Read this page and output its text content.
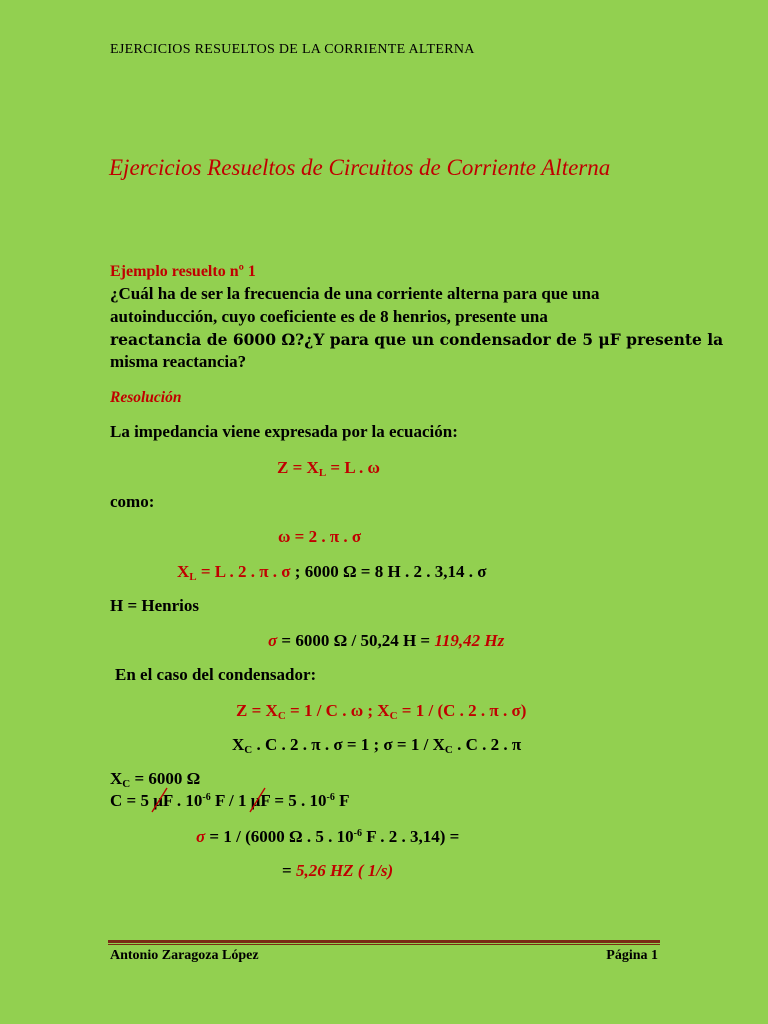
EJERCICIOS RESUELTOS DE LA CORRIENTE ALTERNA
Ejercicios Resueltos de Circuitos de Corriente Alterna
Ejemplo resuelto nº 1
¿Cuál ha de ser la frecuencia de una corriente alterna para que una
autoinducción, cuyo coeficiente es de 8 henrios, presente una
reactancia de 6000 Ω?¿Y para que un condensador de 5 μF presente la
misma reactancia?
Resolución
La impedancia viene expresada por la ecuación:
$Z = X_L = L$ . ω
como:
ω = 2 . π . σ
$X_L = L$ . 2 . π . σ ; 6000 Ω = 8 H . 2 . 3,14 . σ
H = Henrios
σ = 6000 Ω / 50,24 H = 119,42 Hz
En el caso del condensador:
$Z = X_C = 1 / C$ . ω ; $X_C = 1 / (C$ . 2 . π . σ)
$X_C$ . C . 2 . π . σ = 1 ; $\sigma = 1 / X_C$ . C . 2 . π
$X_C = 6000$ Ω
C = 5 μ
F . $10^{-6}$ F / 1 μ
F = 5 . $10^{-6}$ F
σ = 1 / (6000 Ω . 5 . $10^{-6}$ F . 2 . 3,14) =
= 5,26 HZ ( 1/s)
Antonio Zaragoza López	Página 1
